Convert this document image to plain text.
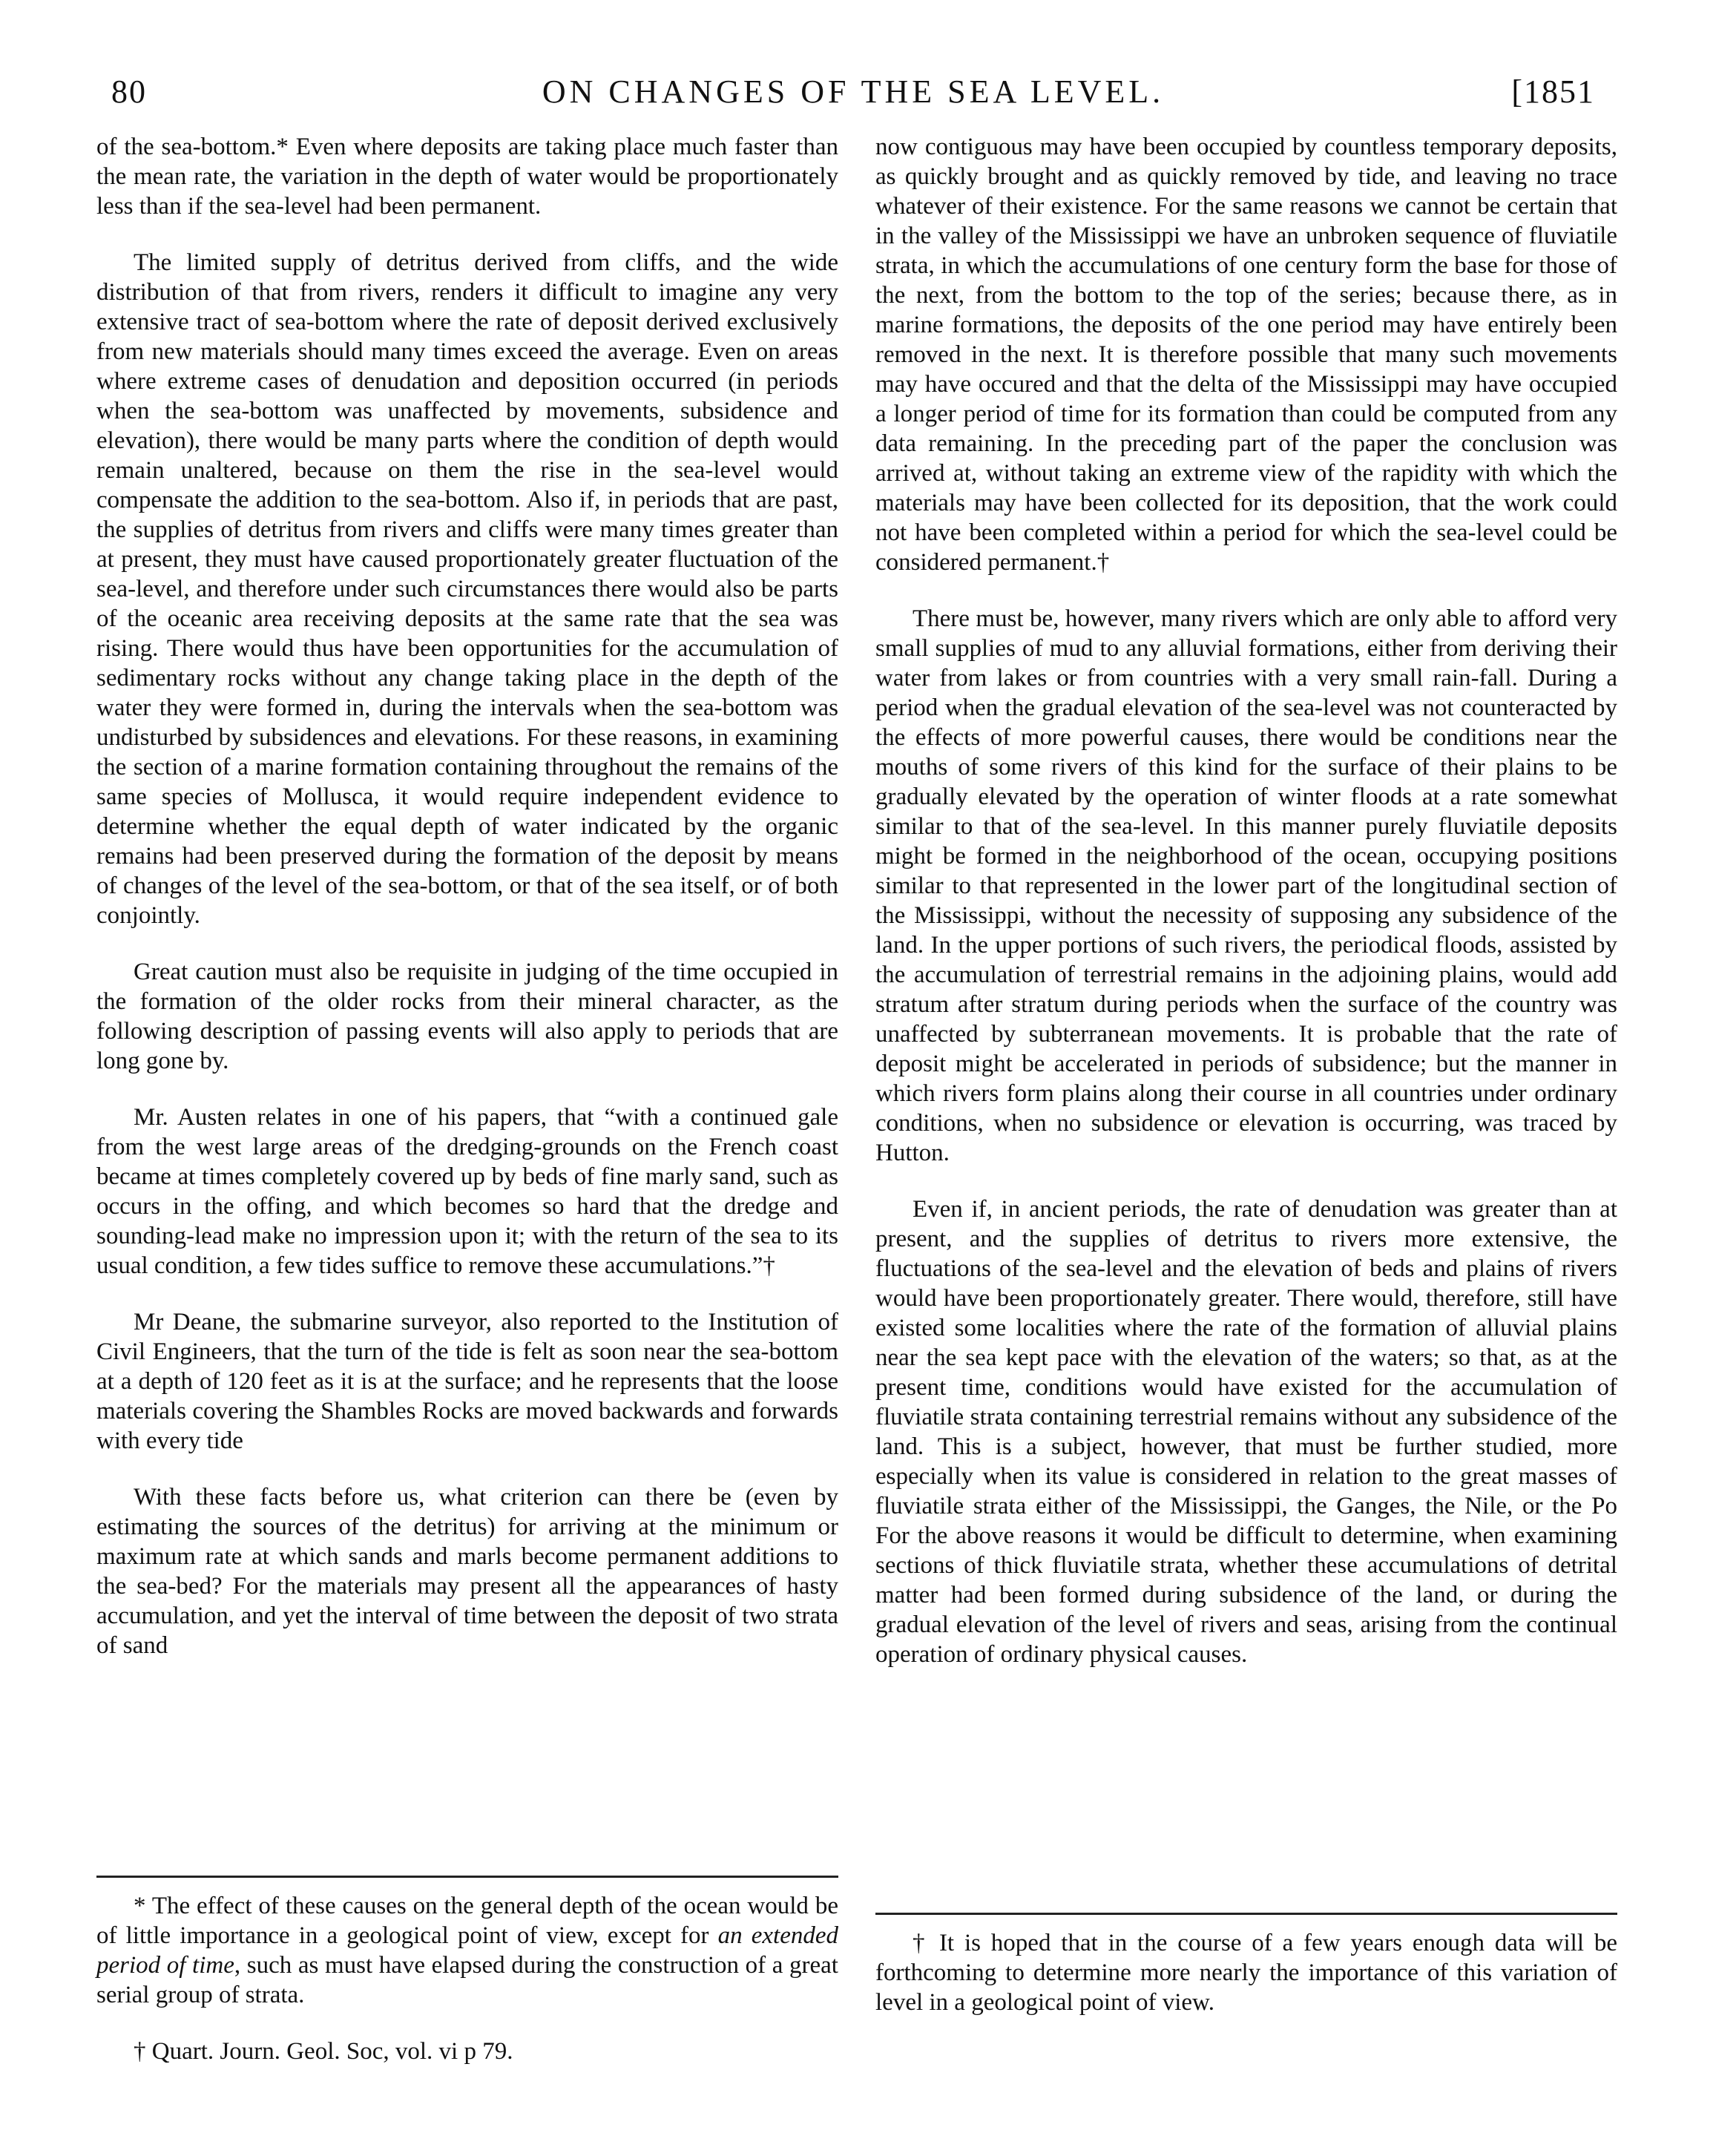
80	ON CHANGES OF THE SEA LEVEL.	[1851

of the sea-bottom.* Even where deposits are taking place much faster than the mean rate, the variation in the depth of water would be proportionately less than if the sea-level had been permanent.

The limited supply of detritus derived from cliffs, and the wide distribution of that from rivers, renders it difficult to imagine any very extensive tract of sea-bottom where the rate of deposit derived exclusively from new materials should many times exceed the average. Even on areas where extreme cases of denudation and deposition occurred (in periods when the sea-bottom was unaffected by movements, subsidence and elevation), there would be many parts where the condition of depth would remain unaltered, because on them the rise in the sea-level would compensate the addition to the sea-bottom. Also if, in periods that are past, the supplies of detritus from rivers and cliffs were many times greater than at present, they must have caused proportionately greater fluctuation of the sea-level, and therefore under such circumstances there would also be parts of the oceanic area receiving deposits at the same rate that the sea was rising. There would thus have been opportunities for the accumulation of sedimentary rocks without any change taking place in the depth of the water they were formed in, during the intervals when the sea-bottom was undisturbed by subsidences and elevations. For these reasons, in examining the section of a marine formation containing throughout the remains of the same species of Mollusca, it would require independent evidence to determine whether the equal depth of water indicated by the organic remains had been preserved during the formation of the deposit by means of changes of the level of the sea-bottom, or that of the sea itself, or of both conjointly.

Great caution must also be requisite in judging of the time occupied in the formation of the older rocks from their mineral character, as the following description of passing events will also apply to periods that are long gone by.

Mr. Austen relates in one of his papers, that “with a continued gale from the west large areas of the dredging-grounds on the French coast became at times completely covered up by beds of fine marly sand, such as occurs in the offing, and which becomes so hard that the dredge and sounding-lead make no impression upon it; with the return of the sea to its usual condition, a few tides suffice to remove these accumulations.”†

Mr Deane, the submarine surveyor, also reported to the Institution of Civil Engineers, that the turn of the tide is felt as soon near the sea-bottom at a depth of 120 feet as it is at the surface; and he represents that the loose materials covering the Shambles Rocks are moved backwards and forwards with every tide

With these facts before us, what criterion can there be (even by estimating the sources of the detritus) for arriving at the minimum or maximum rate at which sands and marls become permanent additions to the sea-bed? For the materials may present all the appearances of hasty accumulation, and yet the interval of time between the deposit of two strata of sand

* The effect of these causes on the general depth of the ocean would be of little importance in a geological point of view, except for an extended period of time, such as must have elapsed during the construction of a great serial group of strata.

† Quart. Journ. Geol. Soc, vol. vi p 79.

now contiguous may have been occupied by countless temporary deposits, as quickly brought and as quickly removed by tide, and leaving no trace whatever of their existence. For the same reasons we cannot be certain that in the valley of the Mississippi we have an unbroken sequence of fluviatile strata, in which the accumulations of one century form the base for those of the next, from the bottom to the top of the series; because there, as in marine formations, the deposits of the one period may have entirely been removed in the next. It is therefore possible that many such movements may have occured and that the delta of the Mississippi may have occupied a longer period of time for its formation than could be computed from any data remaining. In the preceding part of the paper the conclusion was arrived at, without taking an extreme view of the rapidity with which the materials may have been collected for its deposition, that the work could not have been completed within a period for which the sea-level could be considered permanent.†

There must be, however, many rivers which are only able to afford very small supplies of mud to any alluvial formations, either from deriving their water from lakes or from countries with a very small rain-fall. During a period when the gradual elevation of the sea-level was not counteracted by the effects of more powerful causes, there would be conditions near the mouths of some rivers of this kind for the surface of their plains to be gradually elevated by the operation of winter floods at a rate somewhat similar to that of the sea-level. In this manner purely fluviatile deposits might be formed in the neighborhood of the ocean, occupying positions similar to that represented in the lower part of the longitudinal section of the Mississippi, without the necessity of supposing any subsidence of the land. In the upper portions of such rivers, the periodical floods, assisted by the accumulation of terrestrial remains in the adjoining plains, would add stratum after stratum during periods when the surface of the country was unaffected by subterranean movements. It is probable that the rate of deposit might be accelerated in periods of subsidence; but the manner in which rivers form plains along their course in all countries under ordinary conditions, when no subsidence or elevation is occurring, was traced by Hutton.

Even if, in ancient periods, the rate of denudation was greater than at present, and the supplies of detritus to rivers more extensive, the fluctuations of the sea-level and the elevation of beds and plains of rivers would have been proportionately greater. There would, therefore, still have existed some localities where the rate of the formation of alluvial plains near the sea kept pace with the elevation of the waters; so that, as at the present time, conditions would have existed for the accumulation of fluviatile strata containing terrestrial remains without any subsidence of the land. This is a subject, however, that must be further studied, more especially when its value is considered in relation to the great masses of fluviatile strata either of the Mississippi, the Ganges, the Nile, or the Po For the above reasons it would be difficult to determine, when examining sections of thick fluviatile strata, whether these accumulations of detrital matter had been formed during subsidence of the land, or during the gradual elevation of the level of rivers and seas, arising from the continual operation of ordinary physical causes.

† It is hoped that in the course of a few years enough data will be forthcoming to determine more nearly the importance of this variation of level in a geological point of view.
